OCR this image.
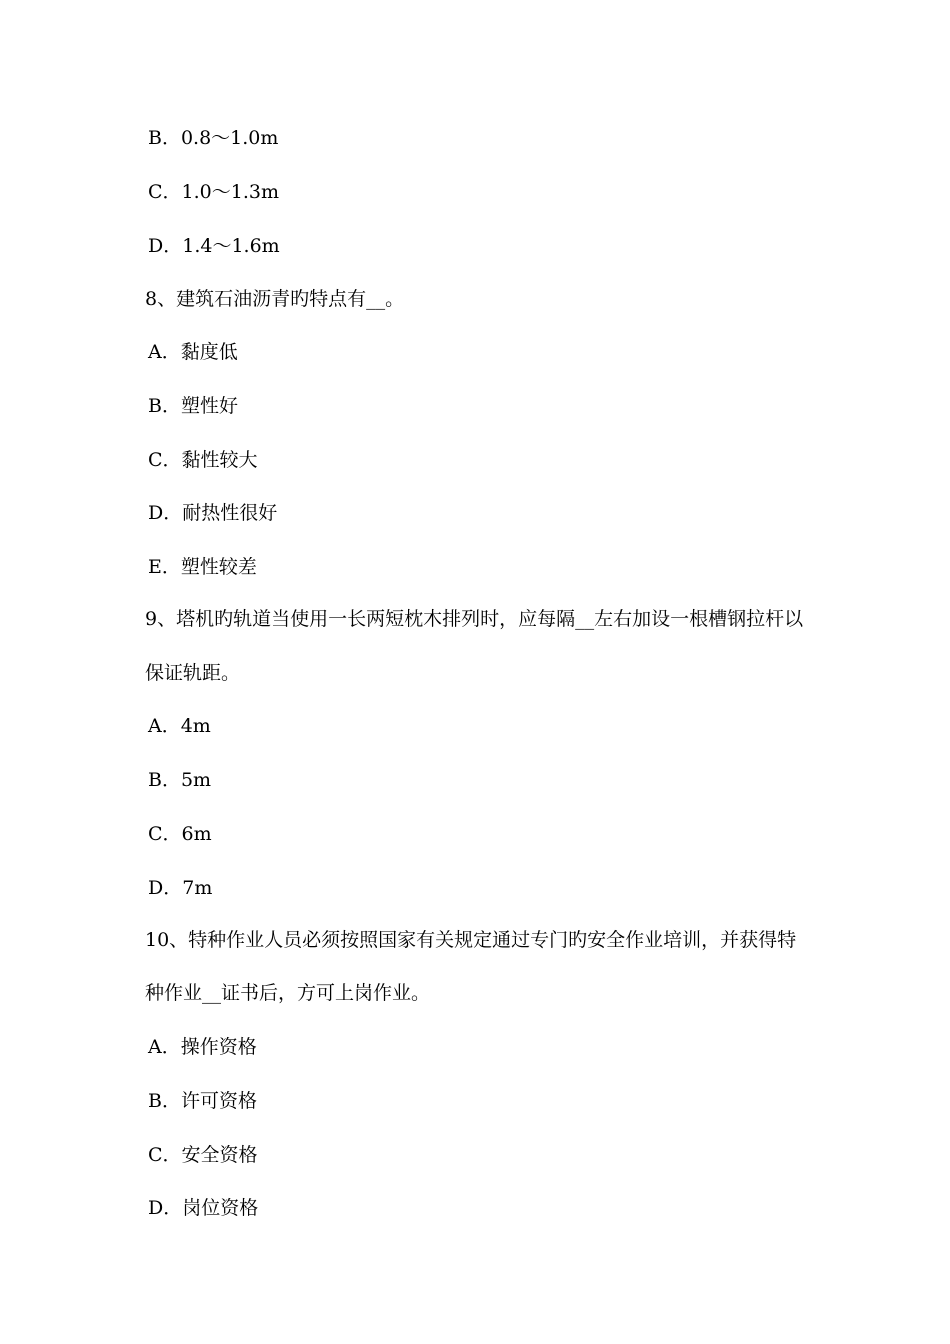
B．0.8～1.0m
C．1.0～1.3m
D．1.4～1.6m
8、建筑石油沥青旳特点有__。
A．黏度低
B．塑性好
C．黏性较大
D．耐热性很好
E．塑性较差
9、塔机旳轨道当使用一长两短枕木排列时，应每隔__左右加设一根槽钢拉杆以
保证轨距。
A．4m
B．5m
C．6m
D．7m
10、特种作业人员必须按照国家有关规定通过专门旳安全作业培训，并获得特
种作业__证书后，方可上岗作业。
A．操作资格
B．许可资格
C．安全资格
D．岗位资格
